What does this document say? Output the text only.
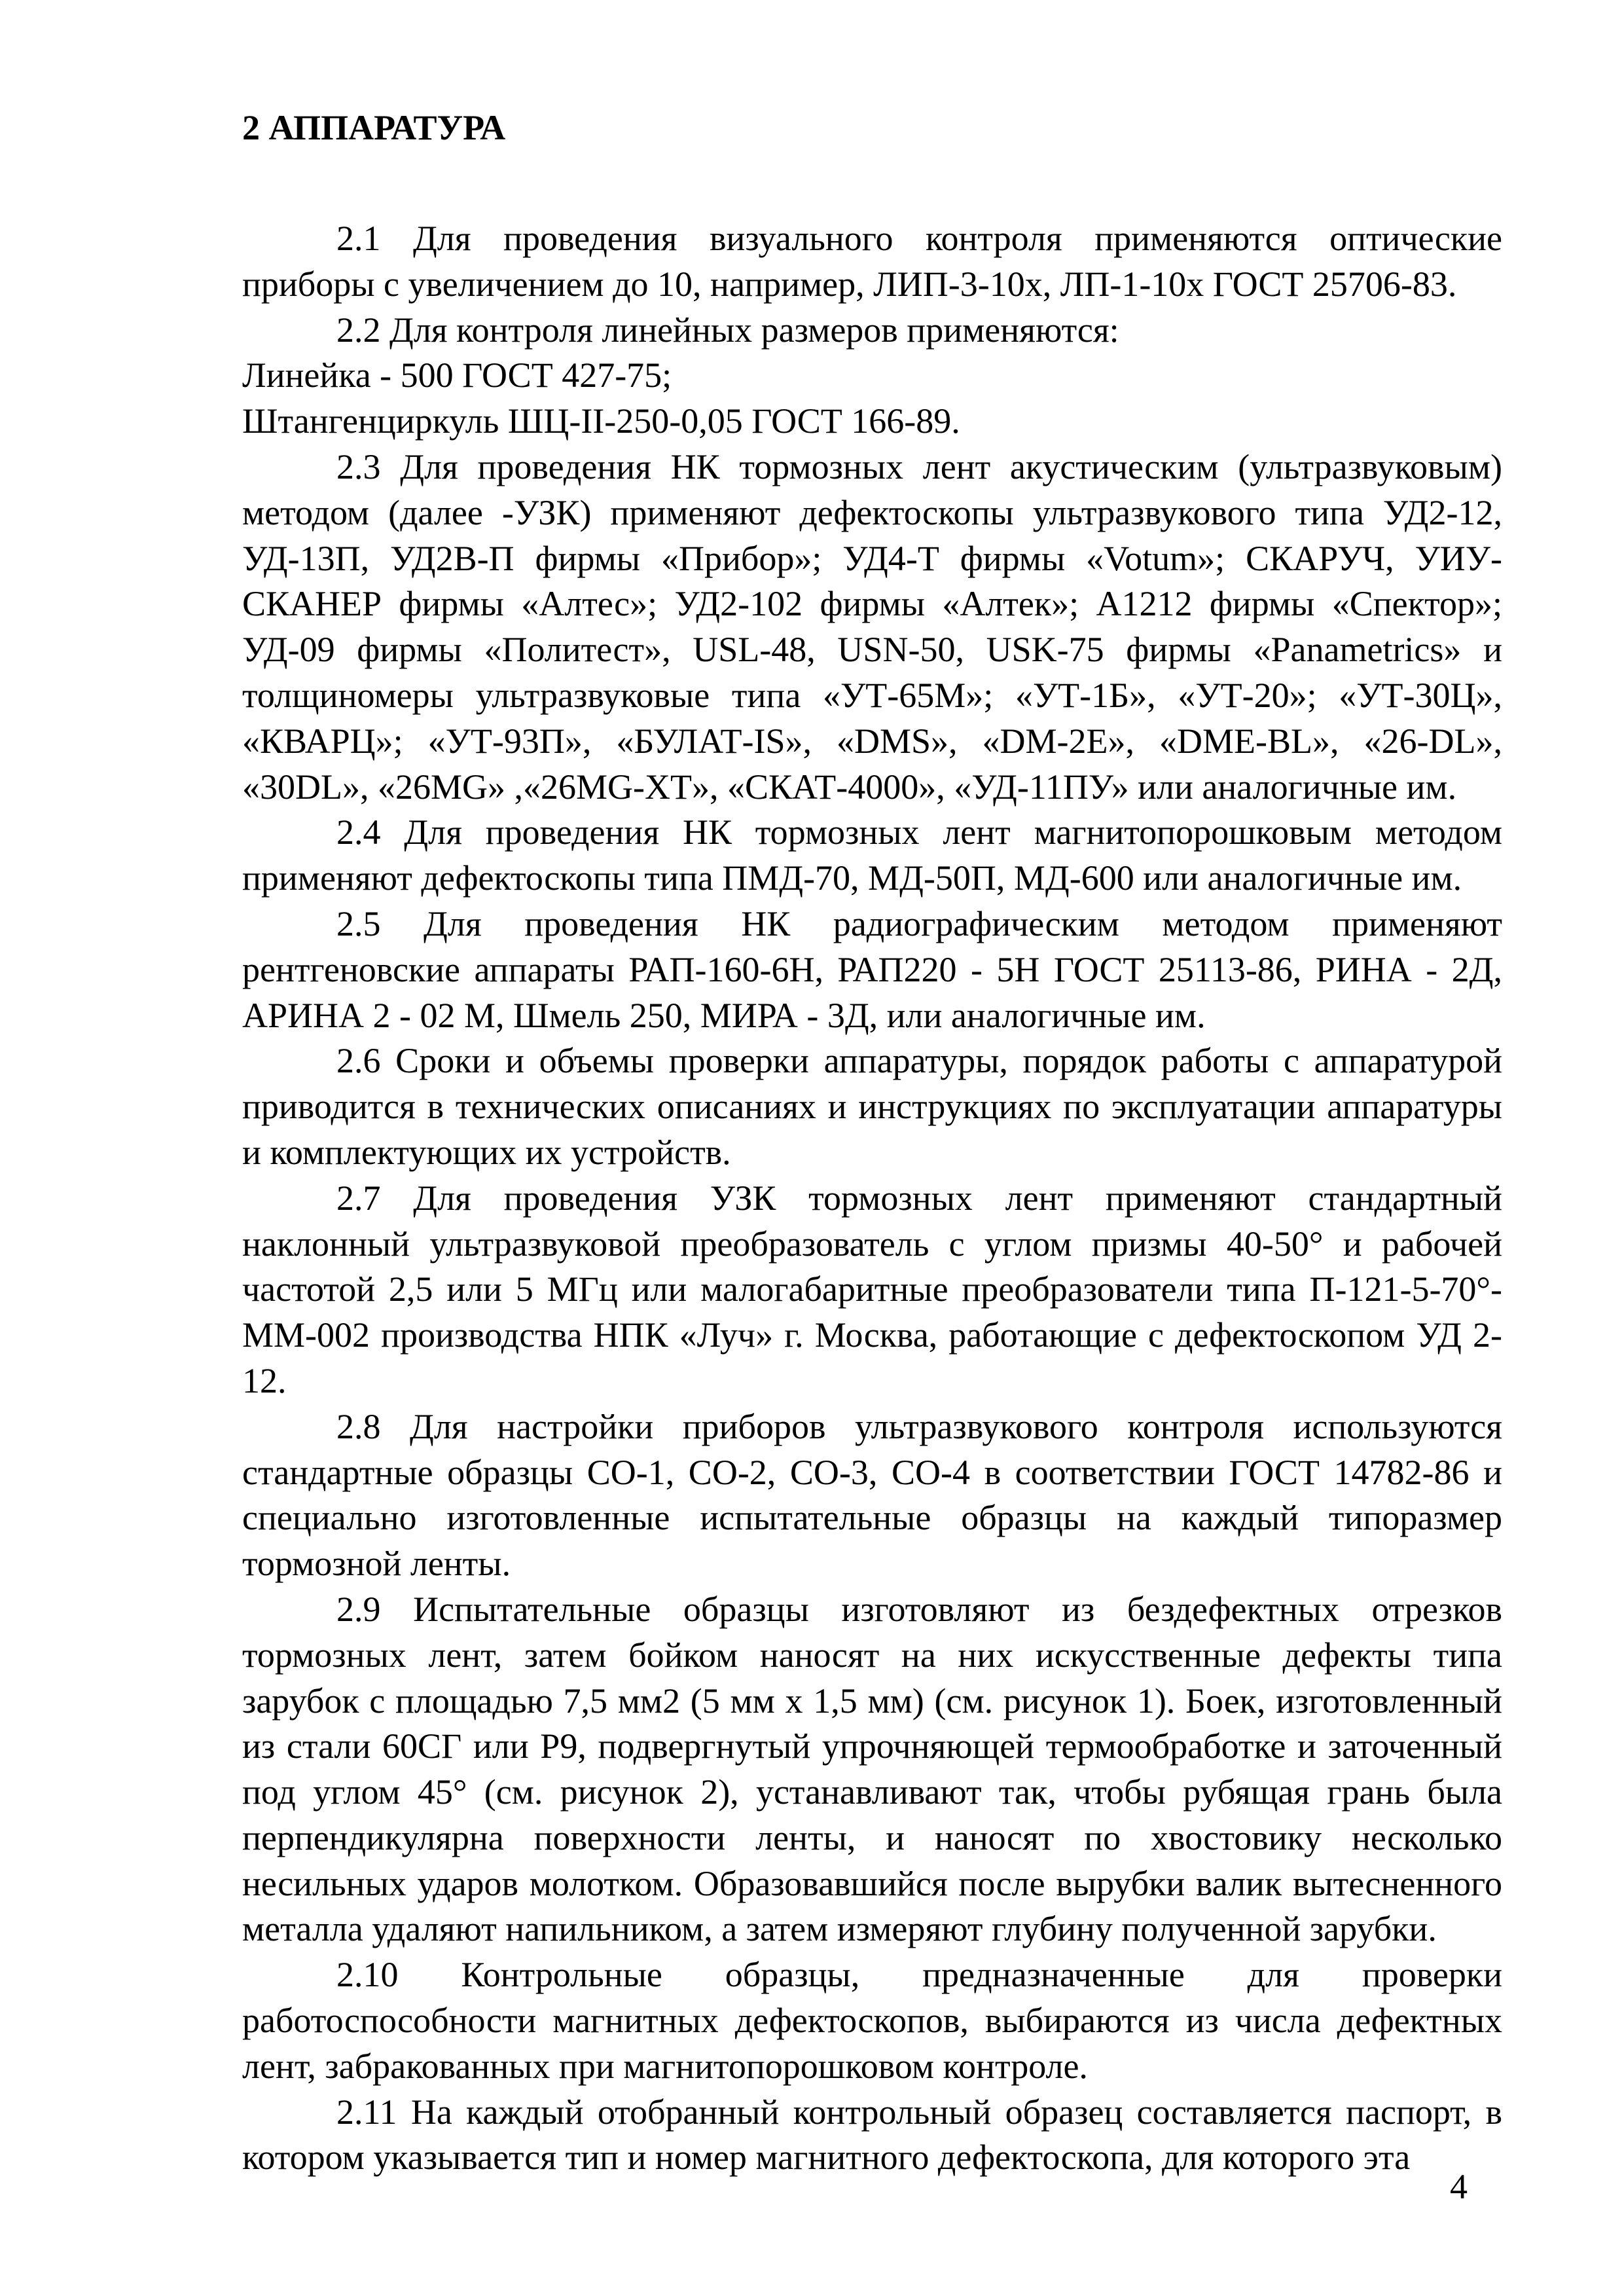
2 АППАРАТУРА

2.1 Для проведения визуального контроля применяются оптические приборы с увеличением до 10, например, ЛИП-3-10х, ЛП-1-10х ГОСТ 25706-83.

2.2 Для контроля линейных размеров применяются:

Линейка - 500 ГОСТ 427-75;

Штангенциркуль ШЦ-II-250-0,05 ГОСТ 166-89.

2.3 Для проведения НК тормозных лент акустическим (ультразвуковым) методом (далее -УЗК) применяют дефектоскопы ультразвукового типа УД2-12, УД-13П, УД2В-П фирмы «Прибор»; УД4-Т фирмы «Votum»; СКАРУЧ, УИУ-СКАНЕР фирмы «Алтес»; УД2-102 фирмы «Алтек»; А1212 фирмы «Спектор»; УД-09 фирмы «Политест», USL-48, USN-50, USK-75 фирмы «Panametrics» и толщиномеры ультразвуковые типа «УТ-65М»; «УТ-1Б», «УТ-20»; «УТ-30Ц», «КВАРЦ»; «УТ-93П», «БУЛАТ-IS», «DMS», «DM-2E», «DME-BL», «26-DL», «30DL», «26MG» ,«26MG-XT», «СКАТ-4000», «УД-11ПУ» или аналогичные им.

2.4 Для проведения НК тормозных лент магнитопорошковым методом применяют дефектоскопы типа ПМД-70, МД-50П, МД-600 или аналогичные им.

2.5 Для проведения НК радиографическим методом применяют рентгеновские аппараты РАП-160-6Н, РАП220 - 5Н ГОСТ 25113-86, РИНА - 2Д, АРИНА 2 - 02 М, Шмель 250, МИРА - 3Д, или аналогичные им.

2.6 Сроки и объемы проверки аппаратуры, порядок работы с аппаратурой приводится в технических описаниях и инструкциях по эксплуатации аппаратуры и комплектующих их устройств.

2.7 Для проведения УЗК тормозных лент применяют стандартный наклонный ультразвуковой преобразователь с углом призмы 40-50° и рабочей частотой 2,5 или 5 МГц или малогабаритные преобразователи типа П-121-5-70°-ММ-002 производства НПК «Луч» г. Москва, работающие с дефектоскопом УД 2-12.

2.8 Для настройки приборов ультразвукового контроля используются стандартные образцы СО-1, СО-2, СО-3, СО-4 в соответствии ГОСТ 14782-86 и специально изготовленные испытательные образцы на каждый типоразмер тормозной ленты.

2.9 Испытательные образцы изготовляют из бездефектных отрезков тормозных лент, затем бойком наносят на них искусственные дефекты типа зарубок с площадью 7,5 мм2 (5 мм х 1,5 мм) (см. рисунок 1). Боек, изготовленный из стали 60СГ или Р9, подвергнутый упрочняющей термообработке и заточенный под углом 45° (см. рисунок 2), устанавливают так, чтобы рубящая грань была перпендикулярна поверхности ленты, и наносят по хвостовику несколько несильных ударов молотком. Образовавшийся после вырубки валик вытесненного металла удаляют напильником, а затем измеряют глубину полученной зарубки.

2.10 Контрольные образцы, предназначенные для проверки работоспособности магнитных дефектоскопов, выбираются из числа дефектных лент, забракованных при магнитопорошковом контроле.

2.11 На каждый отобранный контрольный образец составляется паспорт, в котором указывается тип и номер магнитного дефектоскопа, для которого эта

4
